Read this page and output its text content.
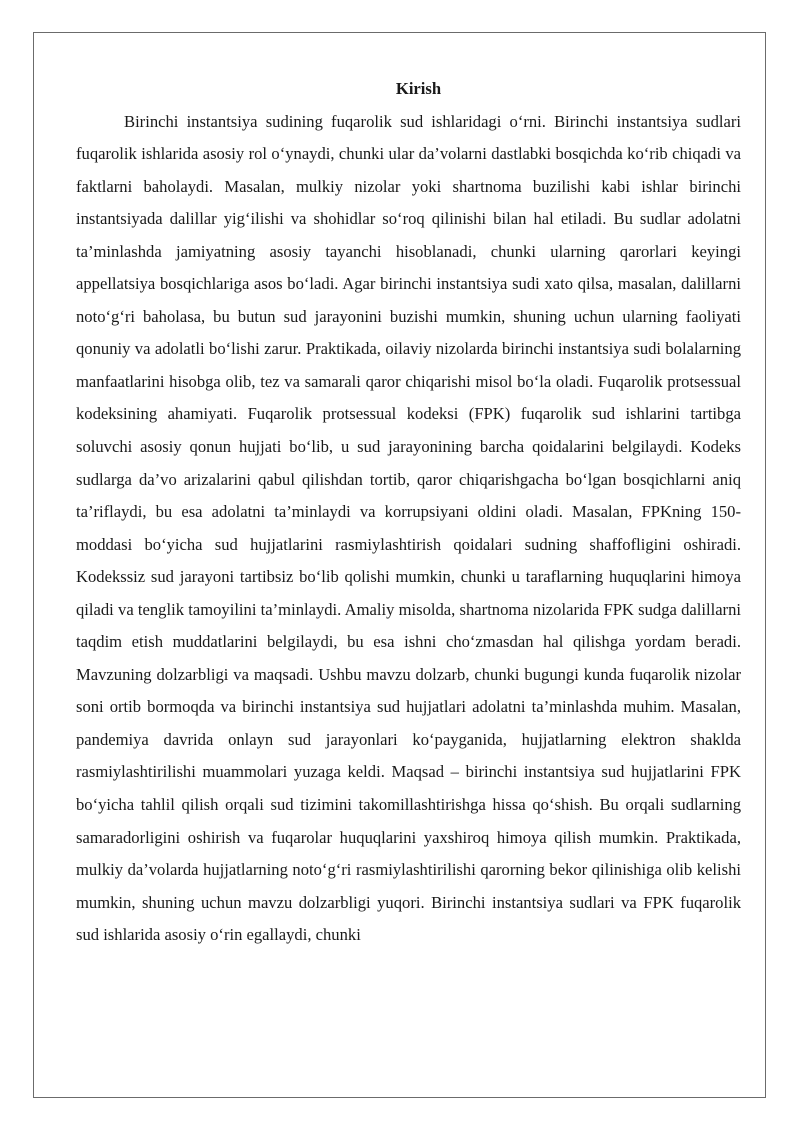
Kirish

Birinchi instantsiya sudining fuqarolik sud ishlaridagi o‘rni. Birinchi instantsiya sudlari fuqarolik ishlarida asosiy rol o‘ynaydi, chunki ular da’volarni dastlabki bosqichda ko‘rib chiqadi va faktlarni baholaydi. Masalan, mulkiy nizolar yoki shartnoma buzilishi kabi ishlar birinchi instantsiyada dalillar yig‘ilishi va shohidlar so‘roq qilinishi bilan hal etiladi. Bu sudlar adolatni ta’minlashda jamiyatning asosiy tayanchi hisoblanadi, chunki ularning qarorlari keyingi appellatsiya bosqichlariga asos bo‘ladi. Agar birinchi instantsiya sudi xato qilsa, masalan, dalillarni noto‘g‘ri baholasa, bu butun sud jarayonini buzishi mumkin, shuning uchun ularning faoliyati qonuniy va adolatli bo‘lishi zarur. Praktikada, oilaviy nizolarda birinchi instantsiya sudi bolalarning manfaatlarini hisobga olib, tez va samarali qaror chiqarishi misol bo‘la oladi. Fuqarolik protsessual kodeksining ahamiyati. Fuqarolik protsessual kodeksi (FPK) fuqarolik sud ishlarini tartibga soluvchi asosiy qonun hujjati bo‘lib, u sud jarayonining barcha qoidalarini belgilaydi. Kodeks sudlarga da’vo arizalarini qabul qilishdan tortib, qaror chiqarishgacha bo‘lgan bosqichlarni aniq ta’riflaydi, bu esa adolatni ta’minlaydi va korrupsiyani oldini oladi. Masalan, FPKning 150-moddasi bo‘yicha sud hujjatlarini rasmiylashtirish qoidalari sudning shaffofligini oshiradi. Kodekssiz sud jarayoni tartibsiz bo‘lib qolishi mumkin, chunki u taraflarning huquqlarini himoya qiladi va tenglik tamoyilini ta’minlaydi. Amaliy misolda, shartnoma nizolarida FPK sudga dalillarni taqdim etish muddatlarini belgilaydi, bu esa ishni cho‘zmasdan hal qilishga yordam beradi. Mavzuning dolzarbligi va maqsadi. Ushbu mavzu dolzarb, chunki bugungi kunda fuqarolik nizolar soni ortib bormoqda va birinchi instantsiya sud hujjatlari adolatni ta’minlashda muhim. Masalan, pandemiya davrida onlayn sud jarayonlari ko‘payganida, hujjatlarning elektron shaklda rasmiylashtirilishi muammolari yuzaga keldi. Maqsad – birinchi instantsiya sud hujjatlarini FPK bo‘yicha tahlil qilish orqali sud tizimini takomillashtirishga hissa qo‘shish. Bu orqali sudlarning samaradorligini oshirish va fuqarolar huquqlarini yaxshiroq himoya qilish mumkin. Praktikada, mulkiy da’volarda hujjatlarning noto‘g‘ri rasmiylashtirilishi qarorning bekor qilinishiga olib kelishi mumkin, shuning uchun mavzu dolzarbligi yuqori. Birinchi instantsiya sudlari va FPK fuqarolik sud ishlarida asosiy o‘rin egallaydi, chunki
